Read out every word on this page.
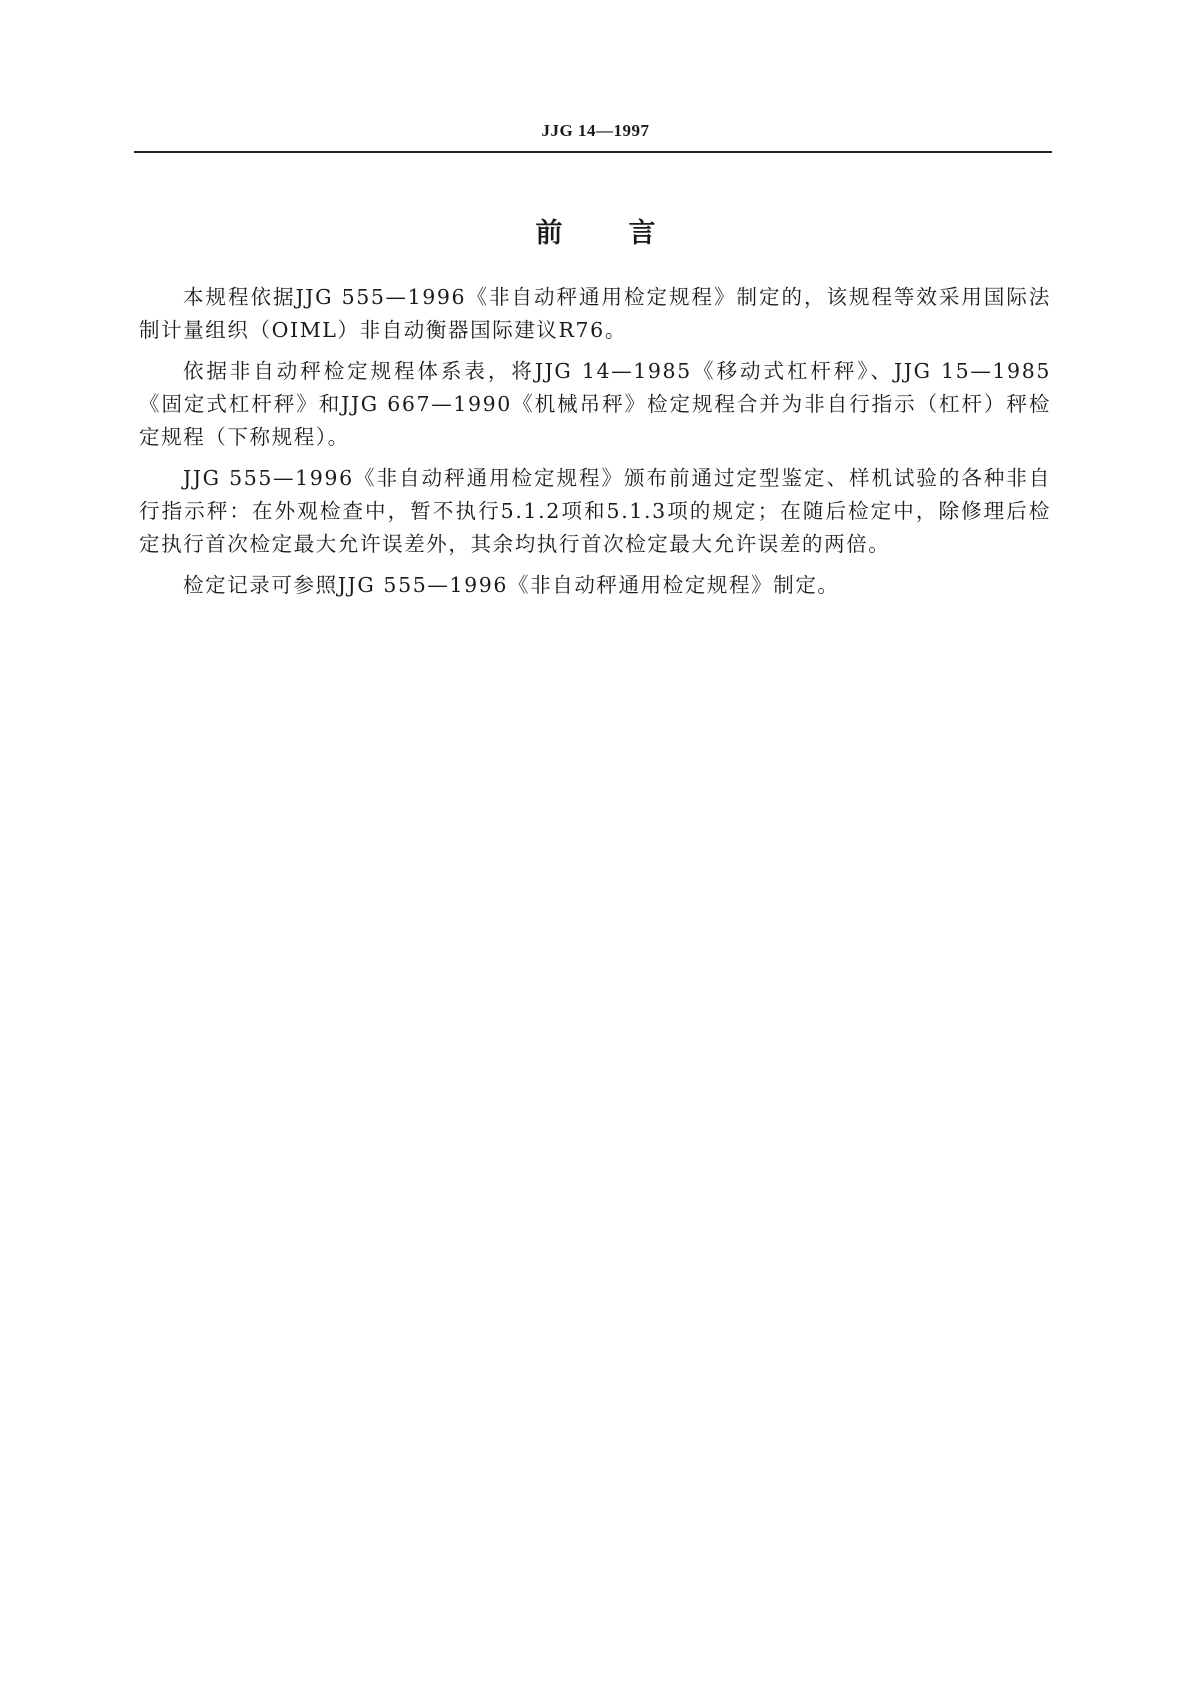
JJG 14—1997
前言

本规程依据JJG 555—1996《非自动秤通用检定规程》制定的，该规程等效采用国际法制计量组织（OIML）非自动衡器国际建议R76。

依据非自动秤检定规程体系表，将JJG 14—1985《移动式杠杆秤》、JJG 15—1985《固定式杠杆秤》和JJG 667—1990《机械吊秤》检定规程合并为非自行指示（杠杆）秤检定规程（下称规程）。

JJG 555—1996《非自动秤通用检定规程》颁布前通过定型鉴定、样机试验的各种非自行指示秤：在外观检查中，暂不执行5.1.2项和5.1.3项的规定；在随后检定中，除修理后检定执行首次检定最大允许误差外，其余均执行首次检定最大允许误差的两倍。

检定记录可参照JJG 555—1996《非自动秤通用检定规程》制定。
